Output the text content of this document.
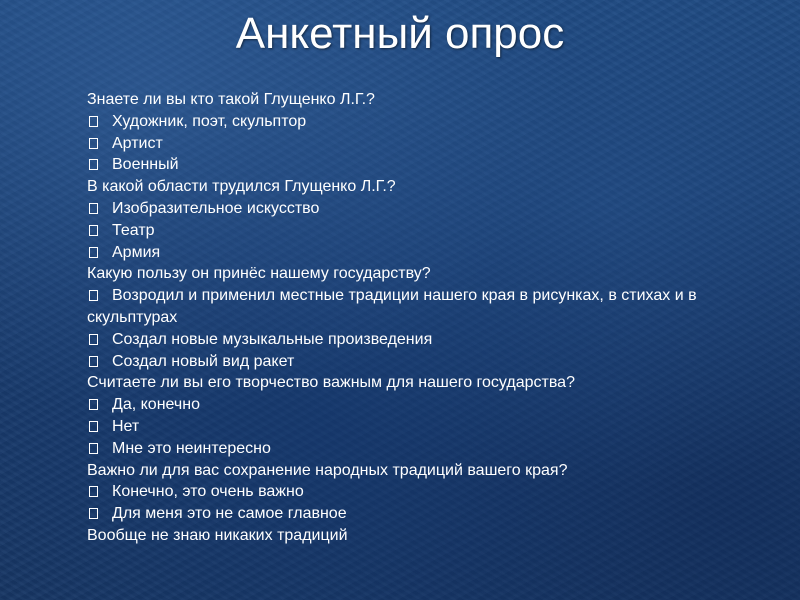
Анкетный опрос
Знаете ли вы кто такой Глущенко Л.Г.?
Художник, поэт, скульптор
Артист
Военный
В какой области трудился Глущенко Л.Г.?
Изобразительное искусство
Театр
Армия
Какую пользу он принёс нашему государству?
Возродил и применил местные традиции нашего края в рисунках, в стихах и в скульптурах
Создал новые музыкальные произведения
Создал новый вид ракет
Считаете ли вы его творчество важным для нашего государства?
Да, конечно
Нет
Мне это неинтересно
Важно ли для вас сохранение народных традиций вашего края?
Конечно, это очень важно
Для меня это не самое главное
Вообще не знаю никаких традиций
